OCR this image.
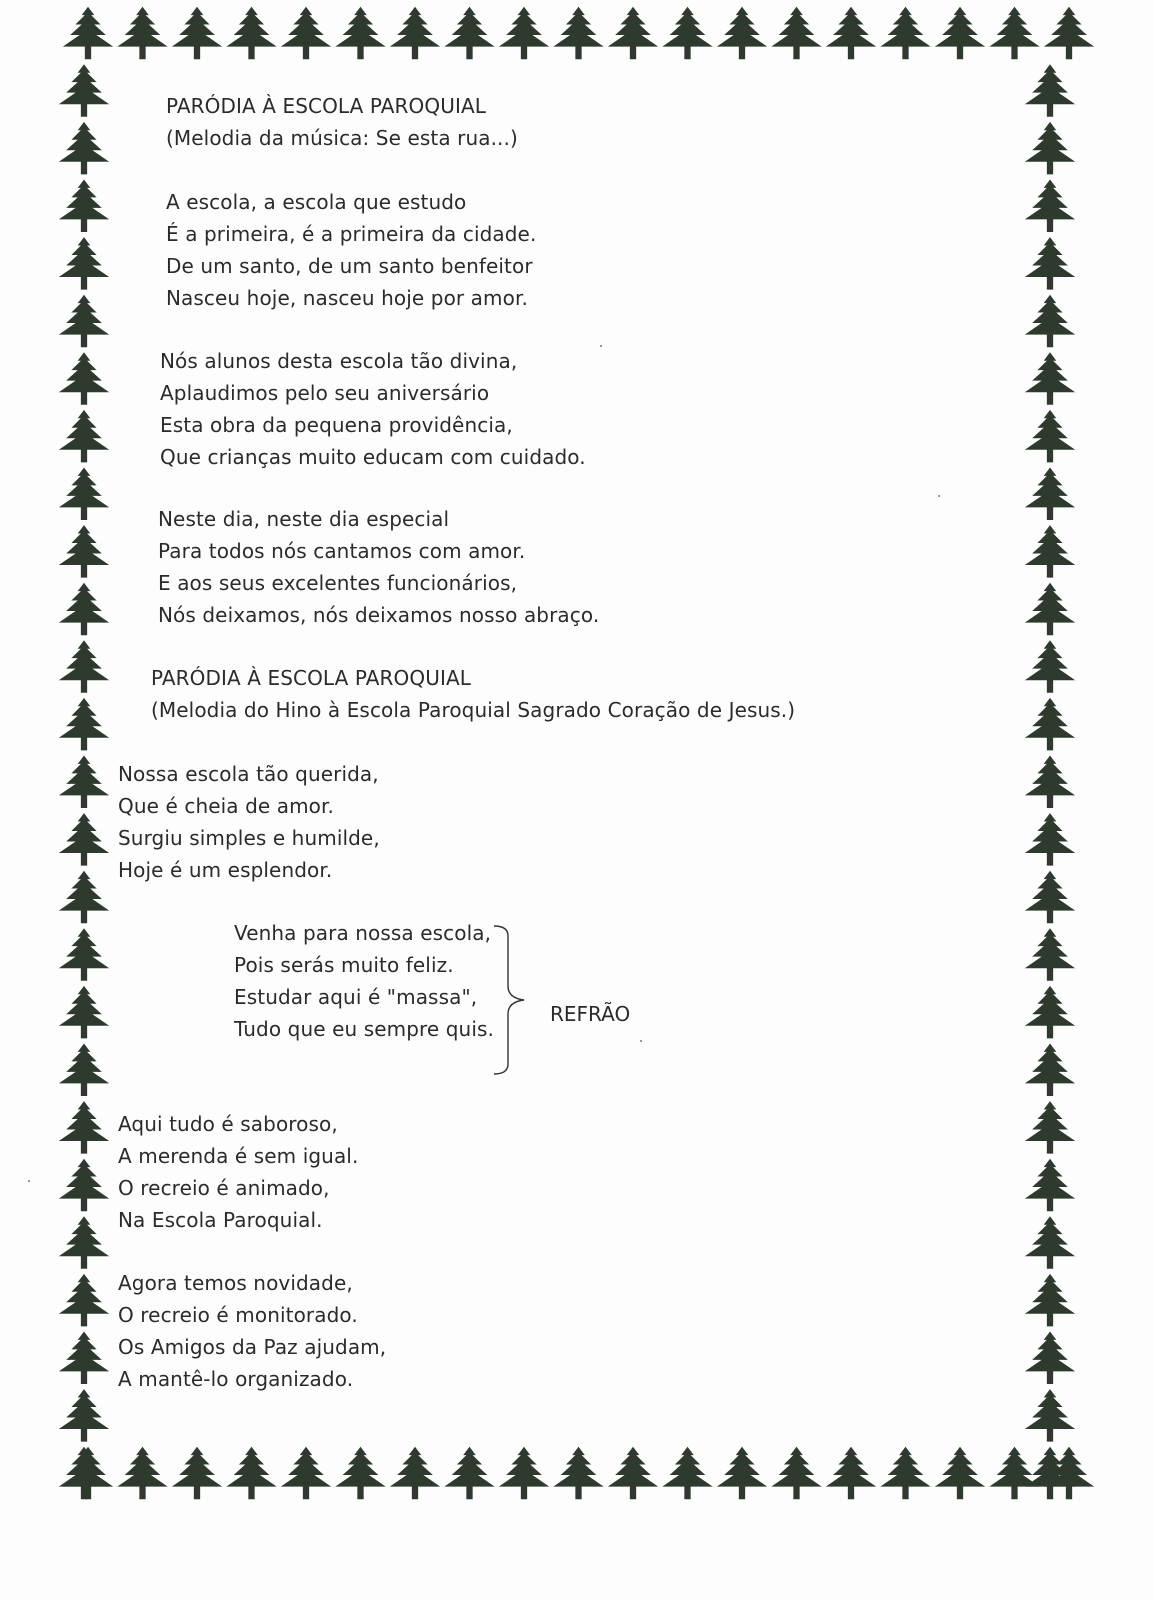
PARÓDIA À ESCOLA PAROQUIAL
(Melodia da música: Se esta rua...)
A escola, a escola que estudo
É a primeira, é a primeira da cidade.
De um santo, de um santo benfeitor
Nasceu hoje, nasceu hoje por amor.
Nós alunos desta escola tão divina,
Aplaudimos pelo seu aniversário
Esta obra da pequena providência,
Que crianças muito educam com cuidado.
Neste dia, neste dia especial
Para todos nós cantamos com amor.
E aos seus excelentes funcionários,
Nós deixamos, nós deixamos nosso abraço.
PARÓDIA À ESCOLA PAROQUIAL
(Melodia do Hino à Escola Paroquial Sagrado Coração de Jesus.)
Nossa escola tão querida,
Que é cheia de amor.
Surgiu simples e humilde,
Hoje é um esplendor.
Venha para nossa escola,
Pois serás muito feliz.
Estudar aqui é "massa",
Tudo que eu sempre quis.
REFRÃO
Aqui tudo é saboroso,
A merenda é sem igual.
O recreio é animado,
Na Escola Paroquial.
Agora temos novidade,
O recreio é monitorado.
Os Amigos da Paz ajudam,
A mantê-lo organizado.
